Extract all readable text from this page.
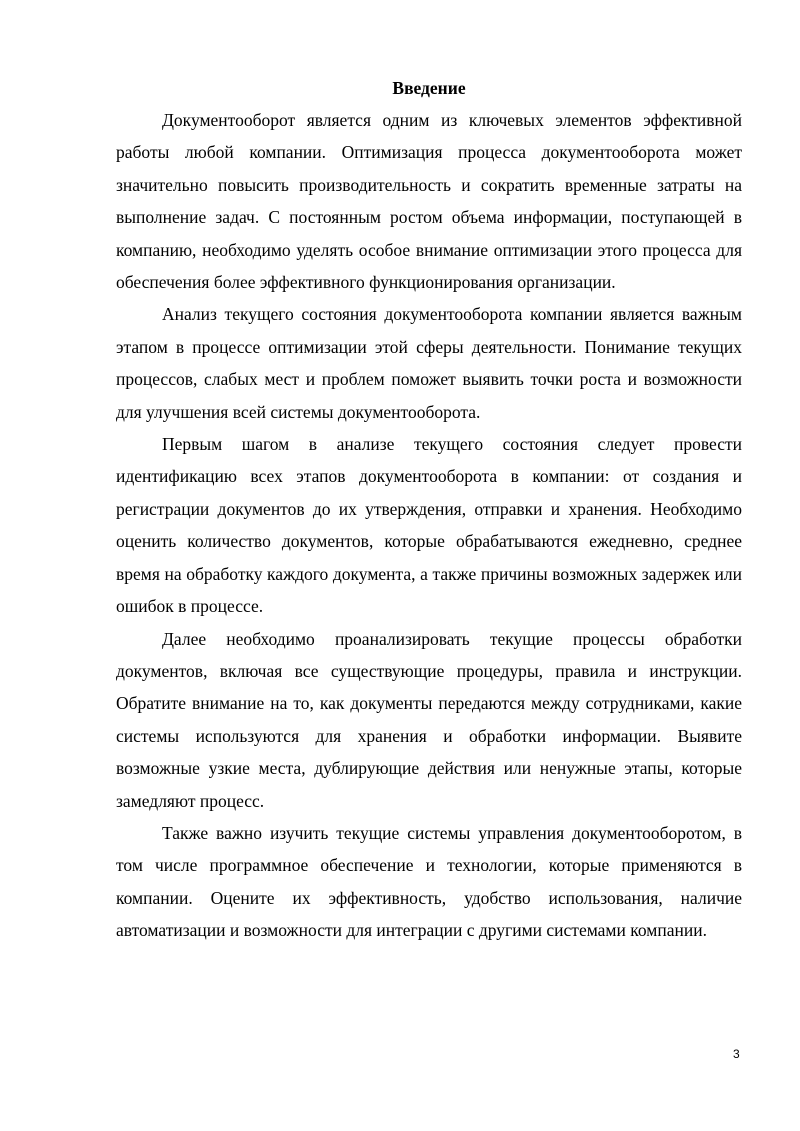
Введение

Документооборот является одним из ключевых элементов эффективной работы любой компании. Оптимизация процесса документооборота может значительно повысить производительность и сократить временные затраты на выполнение задач. С постоянным ростом объема информации, поступающей в компанию, необходимо уделять особое внимание оптимизации этого процесса для обеспечения более эффективного функционирования организации.

Анализ текущего состояния документооборота компании является важным этапом в процессе оптимизации этой сферы деятельности. Понимание текущих процессов, слабых мест и проблем поможет выявить точки роста и возможности для улучшения всей системы документооборота.

Первым шагом в анализе текущего состояния следует провести идентификацию всех этапов документооборота в компании: от создания и регистрации документов до их утверждения, отправки и хранения. Необходимо оценить количество документов, которые обрабатываются ежедневно, среднее время на обработку каждого документа, а также причины возможных задержек или ошибок в процессе.

Далее необходимо проанализировать текущие процессы обработки документов, включая все существующие процедуры, правила и инструкции. Обратите внимание на то, как документы передаются между сотрудниками, какие системы используются для хранения и обработки информации. Выявите возможные узкие места, дублирующие действия или ненужные этапы, которые замедляют процесс.

Также важно изучить текущие системы управления документооборотом, в том числе программное обеспечение и технологии, которые применяются в компании. Оцените их эффективность, удобство использования, наличие автоматизации и возможности для интеграции с другими системами компании.

3
